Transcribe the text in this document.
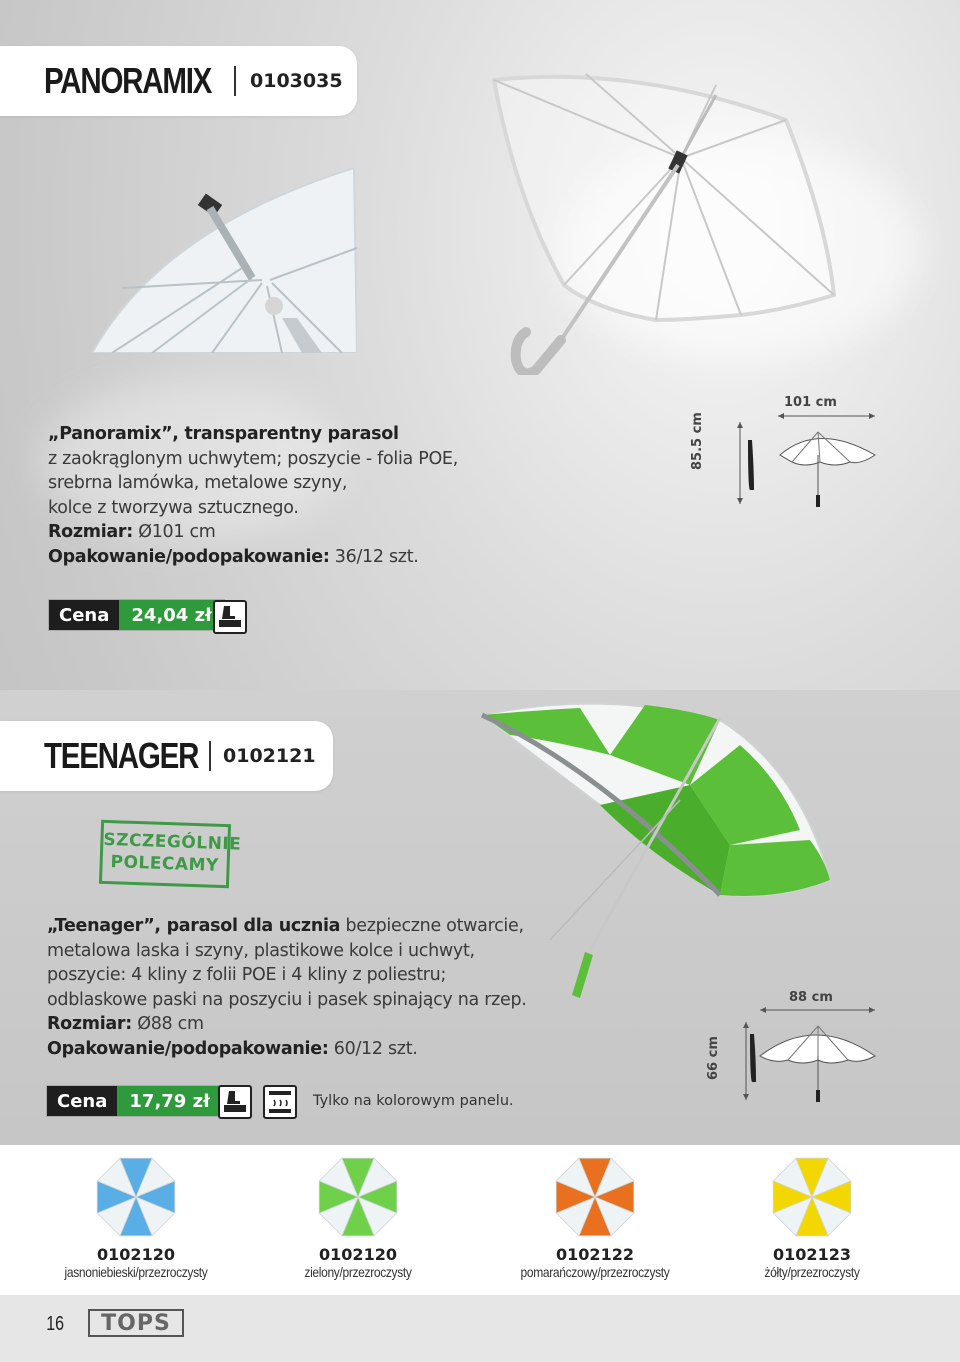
PANORAMIX 0103035
„Panoramix”, transparentny parasol
z zaokrąglonym uchwytem; poszycie - folia POE,
srebrna lamówka, metalowe szyny,
kolce z tworzywa sztucznego.
Rozmiar: Ø101 cm
Opakowanie/podopakowanie: 36/12 szt.
101 cm
85.5 cm
Cena	24,04 zł
TEENAGER 0102121
SZCZEGÓLNIE
POLECAMY
„Teenager”, parasol dla ucznia bezpieczne otwarcie,
metalowa laska i szyny, plastikowe kolce i uchwyt,
poszycie: 4 kliny z folii POE i 4 kliny z poliestru;
odblaskowe paski na poszyciu i pasek spinający na rzep.
Rozmiar: Ø88 cm
Opakowanie/podopakowanie: 60/12 szt.
88 cm
66 cm
Cena	17,79 zł	Tylko na kolorowym panelu.
0102120
jasnoniebieski/przezroczysty
0102120
zielony/przezroczysty
0102122
pomarańczowy/przezroczysty
0102123
żółty/przezroczysty
16	TOPS
